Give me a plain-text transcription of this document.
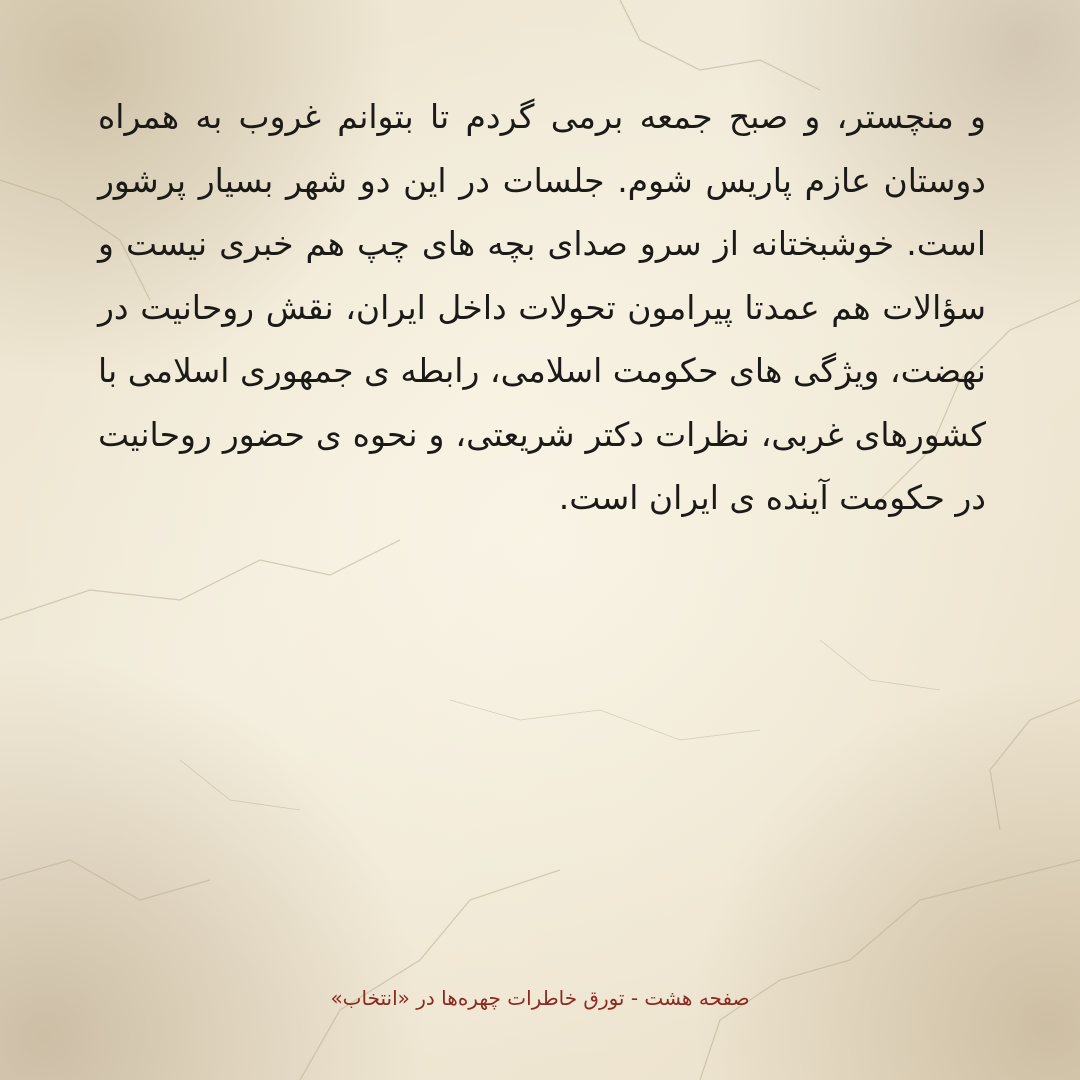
و منچستر، و صبح جمعه برمی گردم تا بتوانم غروب به همراه دوستان عازم پاریس شوم. جلسات در این دو شهر بسیار پرشور است. خوشبختانه از سرو صدای بچه های چپ هم خبری نیست و سؤالات هم عمدتا پیرامون تحولات داخل ایران، نقش روحانیت در نهضت، ویژگی های حکومت اسلامی، رابطه ی جمهوری اسلامی با کشورهای غربی، نظرات دکتر شریعتی، و نحوه ی حضور روحانیت در حکومت آینده ی ایران است.

صفحه هشت - تورق خاطرات چهره‌ها در «انتخاب»
